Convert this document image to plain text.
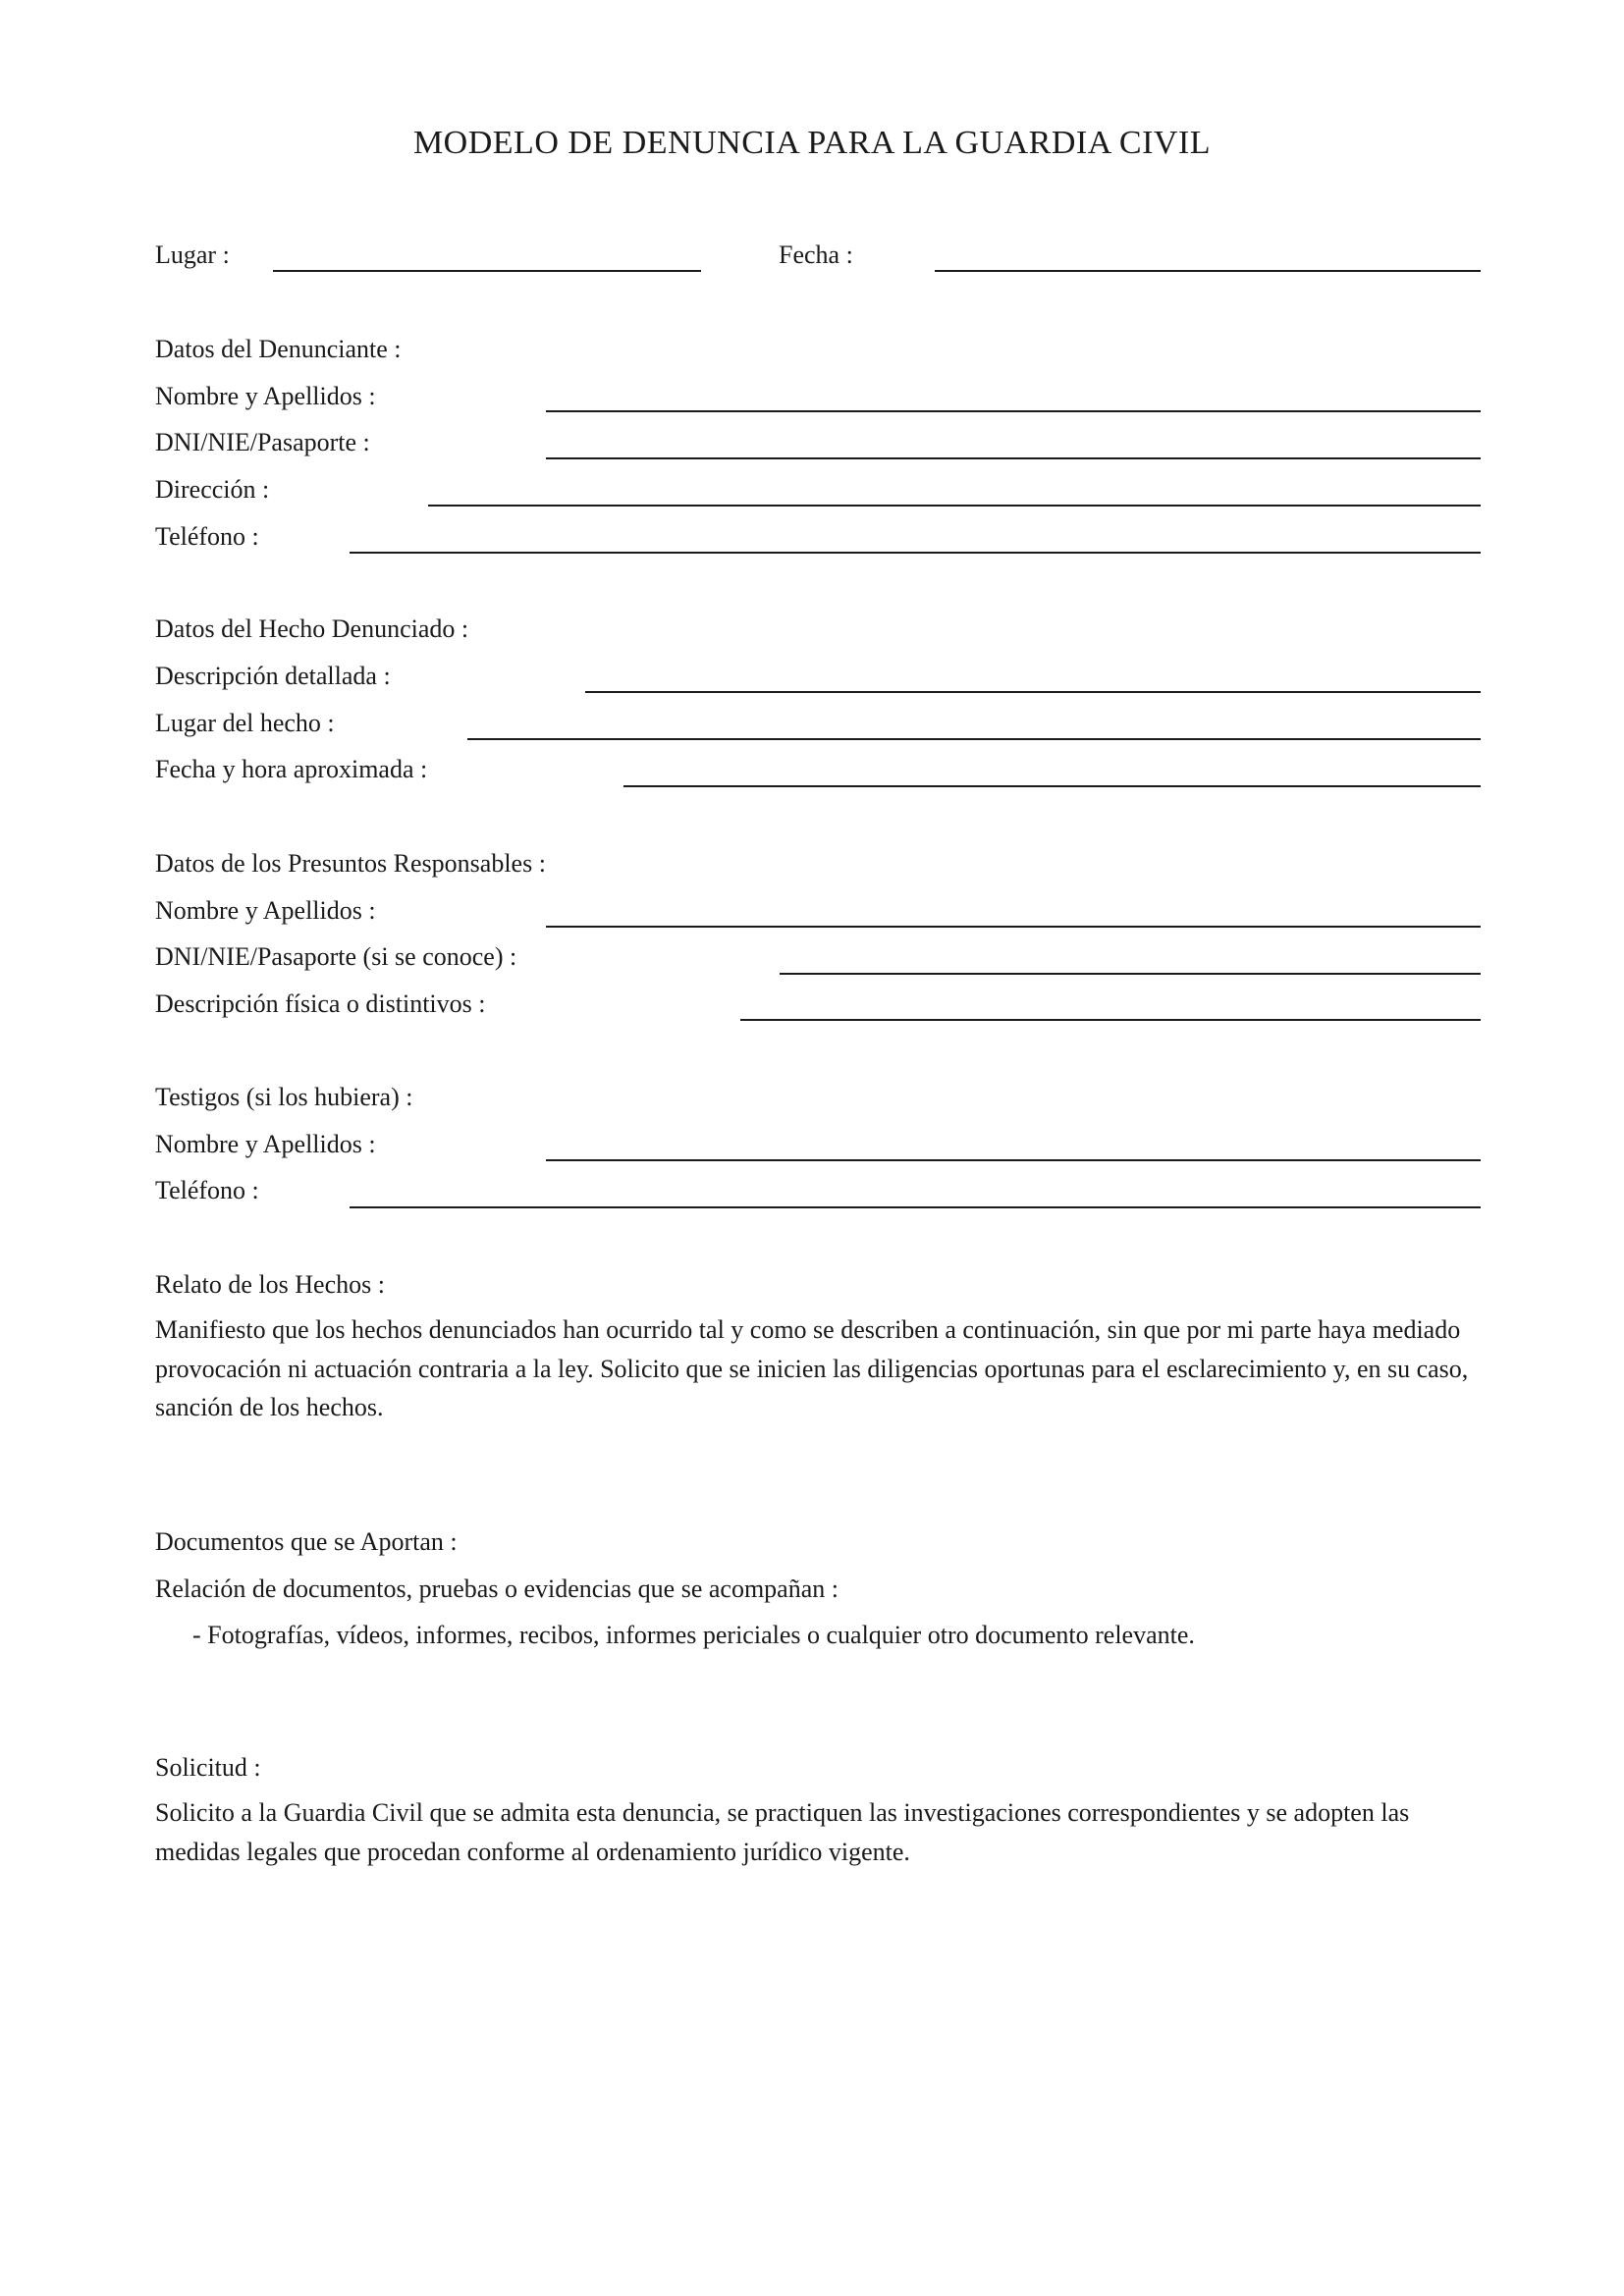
MODELO DE DENUNCIA PARA LA GUARDIA CIVIL
Lugar :	Fecha :
Datos del Denunciante :
Nombre y Apellidos :
DNI/NIE/Pasaporte :
Dirección :
Teléfono :
Datos del Hecho Denunciado :
Descripción detallada :
Lugar del hecho :
Fecha y hora aproximada :
Datos de los Presuntos Responsables :
Nombre y Apellidos :
DNI/NIE/Pasaporte (si se conoce) :
Descripción física o distintivos :
Testigos (si los hubiera) :
Nombre y Apellidos :
Teléfono :
Relato de los Hechos :
Manifiesto que los hechos denunciados han ocurrido tal y como se describen a continuación, sin que por mi parte haya mediado provocación ni actuación contraria a la ley. Solicito que se inicien las diligencias oportunas para el esclarecimiento y, en su caso, sanción de los hechos.
Documentos que se Aportan :
Relación de documentos, pruebas o evidencias que se acompañan :
- Fotografías, vídeos, informes, recibos, informes periciales o cualquier otro documento relevante.
Solicitud :
Solicito a la Guardia Civil que se admita esta denuncia, se practiquen las investigaciones correspondientes y se adopten las medidas legales que procedan conforme al ordenamiento jurídico vigente.
